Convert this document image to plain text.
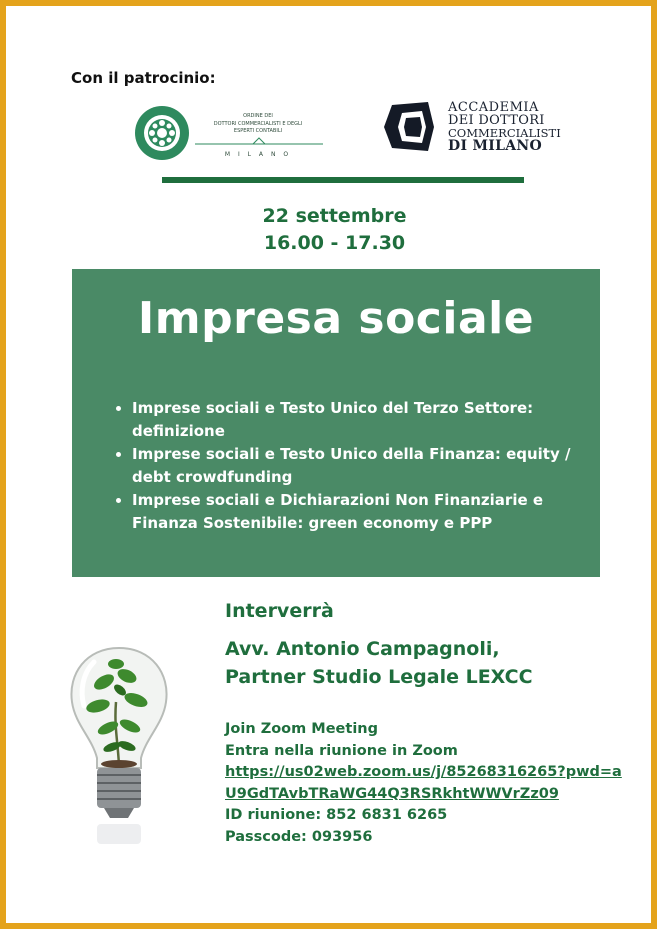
Con il patrocinio:
ORDINE DEI
DOTTORI COMMERCIALISTI E DEGLI
ESPERTI CONTABILI
M I L A N O
ACCADEMIA
DEI DOTTORI
COMMERCIALISTI
DI MILANO
22 settembre
16.00 - 17.30
Impresa sociale
• Imprese sociali e Testo Unico del Terzo Settore: definizione
• Imprese sociali e Testo Unico della Finanza: equity / debt crowdfunding
• Imprese sociali e Dichiarazioni Non Finanziarie e Finanza Sostenibile: green economy e PPP
Interverrà
Avv. Antonio Campagnoli,
Partner Studio Legale LEXCC
Join Zoom Meeting
Entra nella riunione in Zoom
https://us02web.zoom.us/j/85268316265?pwd=aU9GdTAvbTRaWG44Q3RSRkhtWWVrZz09
ID riunione: 852 6831 6265
Passcode: 093956
